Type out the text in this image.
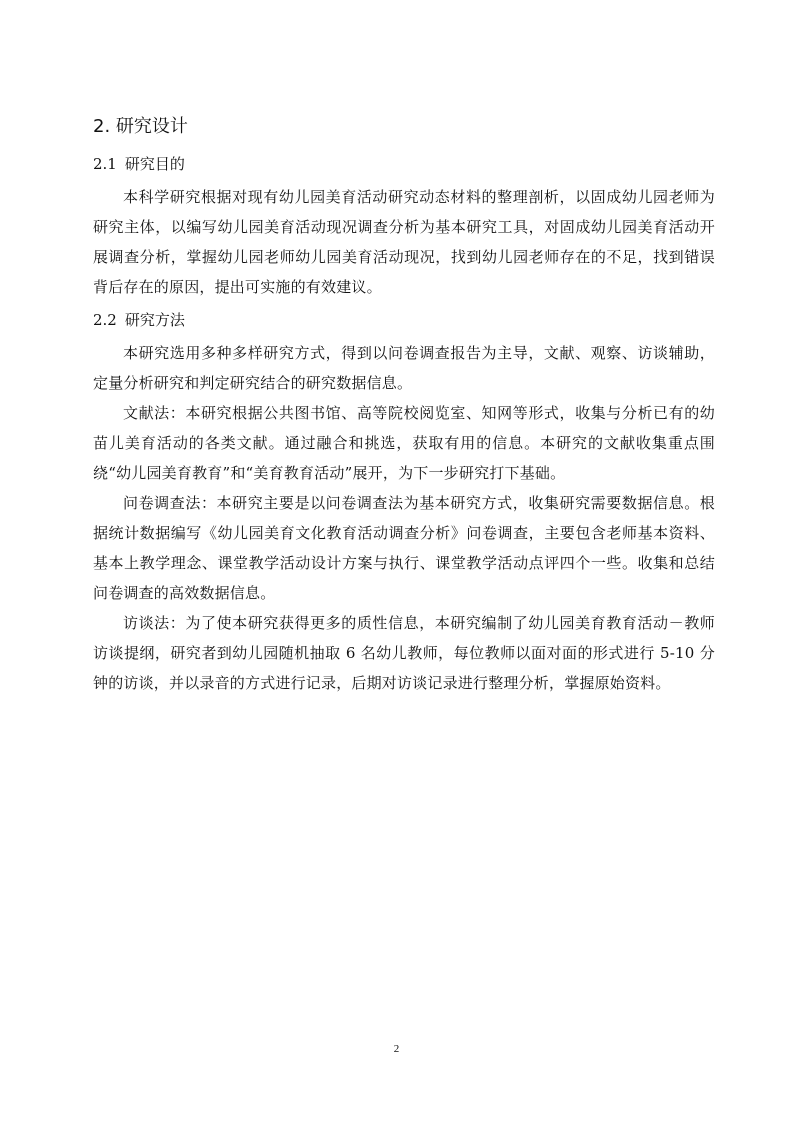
2. 研究设计
2.1 研究目的

本科学研究根据对现有幼儿园美育活动研究动态材料的整理剖析，以固成幼儿园老师为研究主体，以编写幼儿园美育活动现况调查分析为基本研究工具，对固成幼儿园美育活动开展调查分析，掌握幼儿园老师幼儿园美育活动现况，找到幼儿园老师存在的不足，找到错误背后存在的原因，提出可实施的有效建议。

2.2 研究方法

本研究选用多种多样研究方式，得到以问卷调查报告为主导，文献、观察、访谈辅助，定量分析研究和判定研究结合的研究数据信息。

文献法：本研究根据公共图书馆、高等院校阅览室、知网等形式，收集与分析已有的幼苗儿美育活动的各类文献。通过融合和挑选，获取有用的信息。本研究的文献收集重点围绕“幼儿园美育教育”和“美育教育活动”展开，为下一步研究打下基础。

问卷调查法：本研究主要是以问卷调查法为基本研究方式，收集研究需要数据信息。根据统计数据编写《幼儿园美育文化教育活动调查分析》问卷调查，主要包含老师基本资料、基本上教学理念、课堂教学活动设计方案与执行、课堂教学活动点评四个一些。收集和总结问卷调查的高效数据信息。

访谈法：为了使本研究获得更多的质性信息，本研究编制了幼儿园美育教育活动－教师访谈提纲，研究者到幼儿园随机抽取 6 名幼儿教师，每位教师以面对面的形式进行 5-10 分钟的访谈，并以录音的方式进行记录，后期对访谈记录进行整理分析，掌握原始资料。

2
